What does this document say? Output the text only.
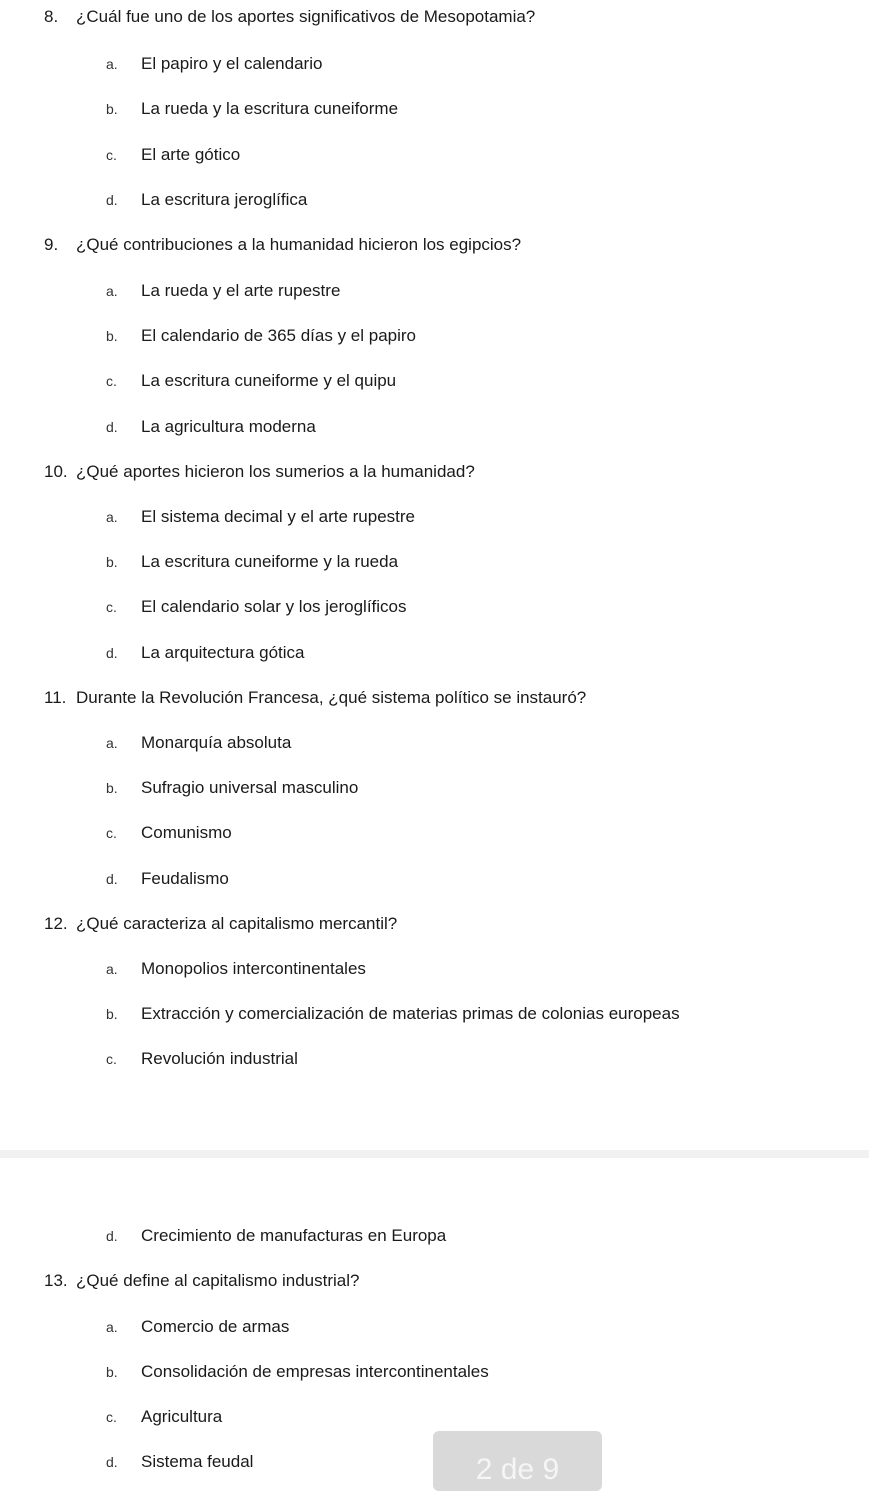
8. ¿Cuál fue uno de los aportes significativos de Mesopotamia?
a. El papiro y el calendario
b. La rueda y la escritura cuneiforme
c. El arte gótico
d. La escritura jeroglífica
9. ¿Qué contribuciones a la humanidad hicieron los egipcios?
a. La rueda y el arte rupestre
b. El calendario de 365 días y el papiro
c. La escritura cuneiforme y el quipu
d. La agricultura moderna
10. ¿Qué aportes hicieron los sumerios a la humanidad?
a. El sistema decimal y el arte rupestre
b. La escritura cuneiforme y la rueda
c. El calendario solar y los jeroglíficos
d. La arquitectura gótica
11. Durante la Revolución Francesa, ¿qué sistema político se instauró?
a. Monarquía absoluta
b. Sufragio universal masculino
c. Comunismo
d. Feudalismo
12. ¿Qué caracteriza al capitalismo mercantil?
a. Monopolios intercontinentales
b. Extracción y comercialización de materias primas de colonias europeas
c. Revolución industrial
d. Crecimiento de manufacturas en Europa
13. ¿Qué define al capitalismo industrial?
a. Comercio de armas
b. Consolidación de empresas intercontinentales
c. Agricultura
d. Sistema feudal	2 de 9
